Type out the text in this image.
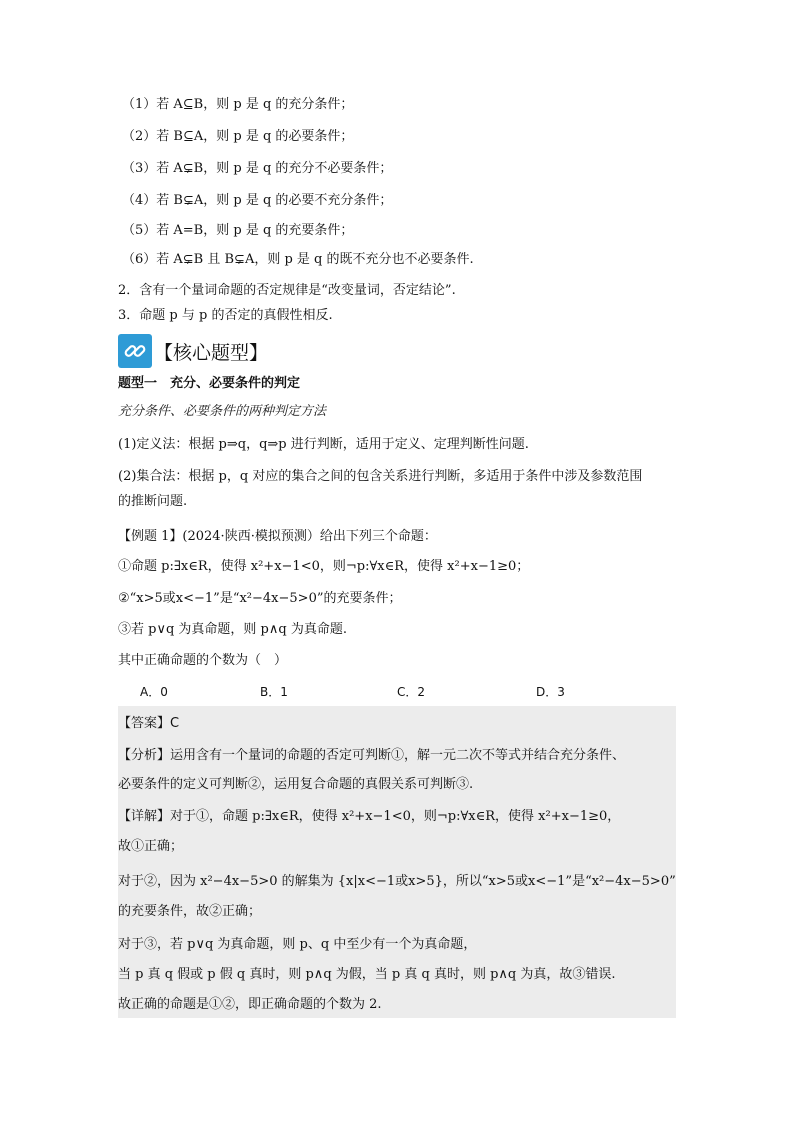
（1）若 A⊆B，则 p 是 q 的充分条件；
（2）若 B⊆A，则 p 是 q 的必要条件；
（3）若 A⊊B，则 p 是 q 的充分不必要条件；
（4）若 B⊊A，则 p 是 q 的必要不充分条件；
（5）若 A=B，则 p 是 q 的充要条件；
（6）若 A⊊B 且 B⊊A，则 p 是 q 的既不充分也不必要条件.
2．含有一个量词命题的否定规律是“改变量词，否定结论”.
3．命题 p 与 p 的否定的真假性相反.
【核心题型】
题型一　充分、必要条件的判定
充分条件、必要条件的两种判定方法
(1)定义法：根据 p⇒q，q⇒p 进行判断，适用于定义、定理判断性问题.
(2)集合法：根据 p，q 对应的集合之间的包含关系进行判断，多适用于条件中涉及参数范围
的推断问题.
【例题 1】(2024·陕西·模拟预测）给出下列三个命题：
①命题 p:∃x∈R，使得 x²+x−1<0，则¬p:∀x∈R，使得 x²+x−1≥0；
②“x>5或x<−1”是“x²−4x−5>0”的充要条件；
③若 p∨q 为真命题，则 p∧q 为真命题.
其中正确命题的个数为（　）
A．0	B．1	C．2	D．3
【答案】C
【分析】运用含有一个量词的命题的否定可判断①，解一元二次不等式并结合充分条件、
必要条件的定义可判断②，运用复合命题的真假关系可判断③.
【详解】对于①，命题 p:∃x∈R，使得 x²+x−1<0，则¬p:∀x∈R，使得 x²+x−1≥0，
故①正确；
对于②，因为 x²−4x−5>0 的解集为 {x|x<−1或x>5}，所以“x>5或x<−1”是“x²−4x−5>0”
的充要条件，故②正确；
对于③，若 p∨q 为真命题，则 p、q 中至少有一个为真命题，
当 p 真 q 假或 p 假 q 真时，则 p∧q 为假，当 p 真 q 真时，则 p∧q 为真，故③错误.
故正确的命题是①②，即正确命题的个数为 2.
